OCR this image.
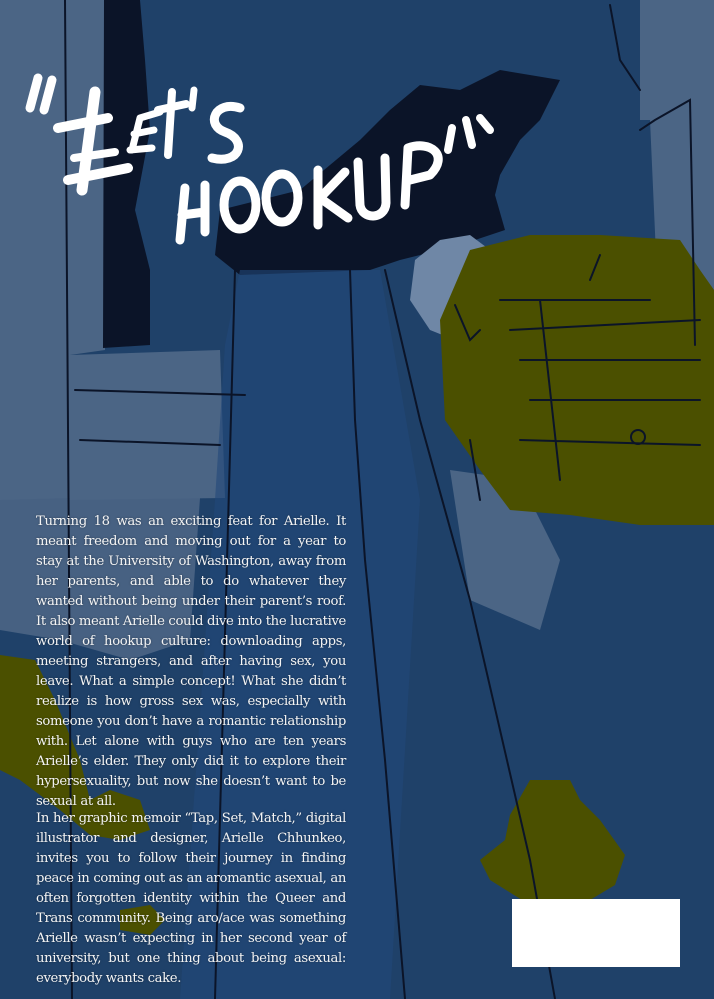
Turning 18 was an exciting feat for Arielle. It meant freedom and moving out for a year to stay at the University of Washington, away from her parents, and able to do whatever they wanted without being under their parent’s roof. It also meant Arielle could dive into the lucrative world of hookup culture: downloading apps, meeting strangers, and after having sex, you leave. What a simple concept! What she didn’t realize is how gross sex was, especially with someone you don’t have a romantic relationship with. Let alone with guys who are ten years Arielle’s elder. They only did it to explore their hypersexuality, but now she doesn’t want to be sexual at all.

In her graphic memoir “Tap, Set, Match,” digital illustrator and designer, Arielle Chhunkeo, invites you to follow their journey in finding peace in coming out as an aromantic asexual, an often forgotten identity within the Queer and Trans community. Being aro/ace was something Arielle wasn’t expecting in her second year of university, but one thing about being asexual: everybody wants cake.
